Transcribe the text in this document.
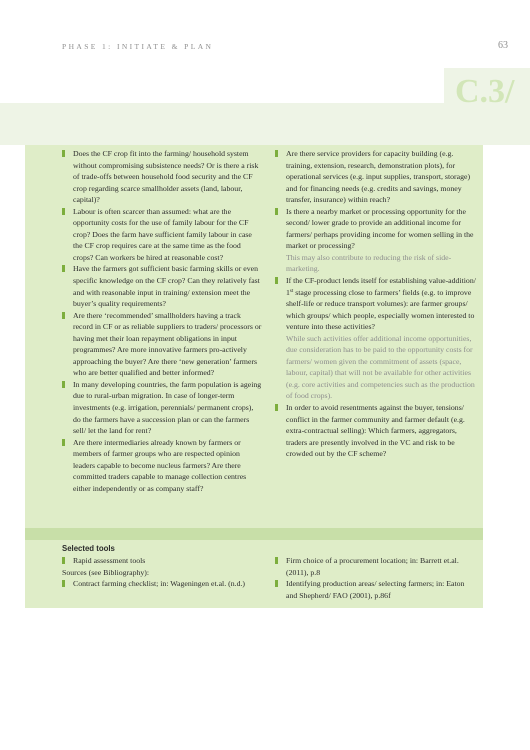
PHASE 1: INITIATE & PLAN	63
C.3/

Does the CF crop fit into the farming/ household system without compromising subsistence needs? Or is there a risk of trade-offs between household food security and the CF crop regarding scarce smallholder assets (land, labour, capital)?

Labour is often scarcer than assumed: what are the opportunity costs for the use of family labour for the CF crop? Does the farm have sufficient family labour in case the CF crop requires care at the same time as the food crops? Can workers be hired at reasonable cost?

Have the farmers got sufficient basic farming skills or even specific knowledge on the CF crop? Can they relatively fast and with reasonable input in training/ extension meet the buyer’s quality requirements?

Are there ‘recommended’ smallholders having a track record in CF or as reliable suppliers to traders/ processors or having met their loan repayment obligations in input programmes? Are more innovative farmers pro-actively approaching the buyer? Are there ‘new generation’ farmers who are better qualified and better informed?

In many developing countries, the farm population is ageing due to rural-urban migration. In case of longer-term investments (e.g. irrigation, perennials/ permanent crops), do the farmers have a succession plan or can the farmers sell/ let the land for rent?

Are there intermediaries already known by farmers or members of farmer groups who are respected opinion leaders capable to become nucleus farmers? Are there committed traders capable to manage collection centres either independently or as company staff?

Are there service providers for capacity building (e.g. training, extension, research, demonstration plots), for operational services (e.g. input supplies, transport, storage) and for financing needs (e.g. credits and savings, money transfer, insurance) within reach?

Is there a nearby market or processing opportunity for the second/ lower grade to provide an additional income for farmers/ perhaps providing income for women selling in the market or processing?

This may also contribute to reducing the risk of side-marketing.

If the CF-product lends itself for establishing value-addition/ 1st stage processing close to farmers’ fields (e.g. to improve shelf-life or reduce transport volumes): are farmer groups/ which groups/ which people, especially women interested to venture into these activities?

While such activities offer additional income opportunities, due consideration has to be paid to the opportunity costs for farmers/ women given the commitment of assets (space, labour, capital) that will not be available for other activities (e.g. core activities and competencies such as the production of food crops).

In order to avoid resentments against the buyer, tensions/ conflict in the farmer community and farmer default (e.g. extra-contractual selling): Which farmers, aggregators, traders are presently involved in the VC and risk to be crowded out by the CF scheme?

Selected tools

Rapid assessment tools

Sources (see Bibliography):

Contract farming checklist; in: Wageningen et.al. (n.d.)

Firm choice of a procurement location; in: Barrett et.al. (2011), p.8

Identifying production areas/ selecting farmers; in: Eaton and Shepherd/ FAO (2001), p.86f
